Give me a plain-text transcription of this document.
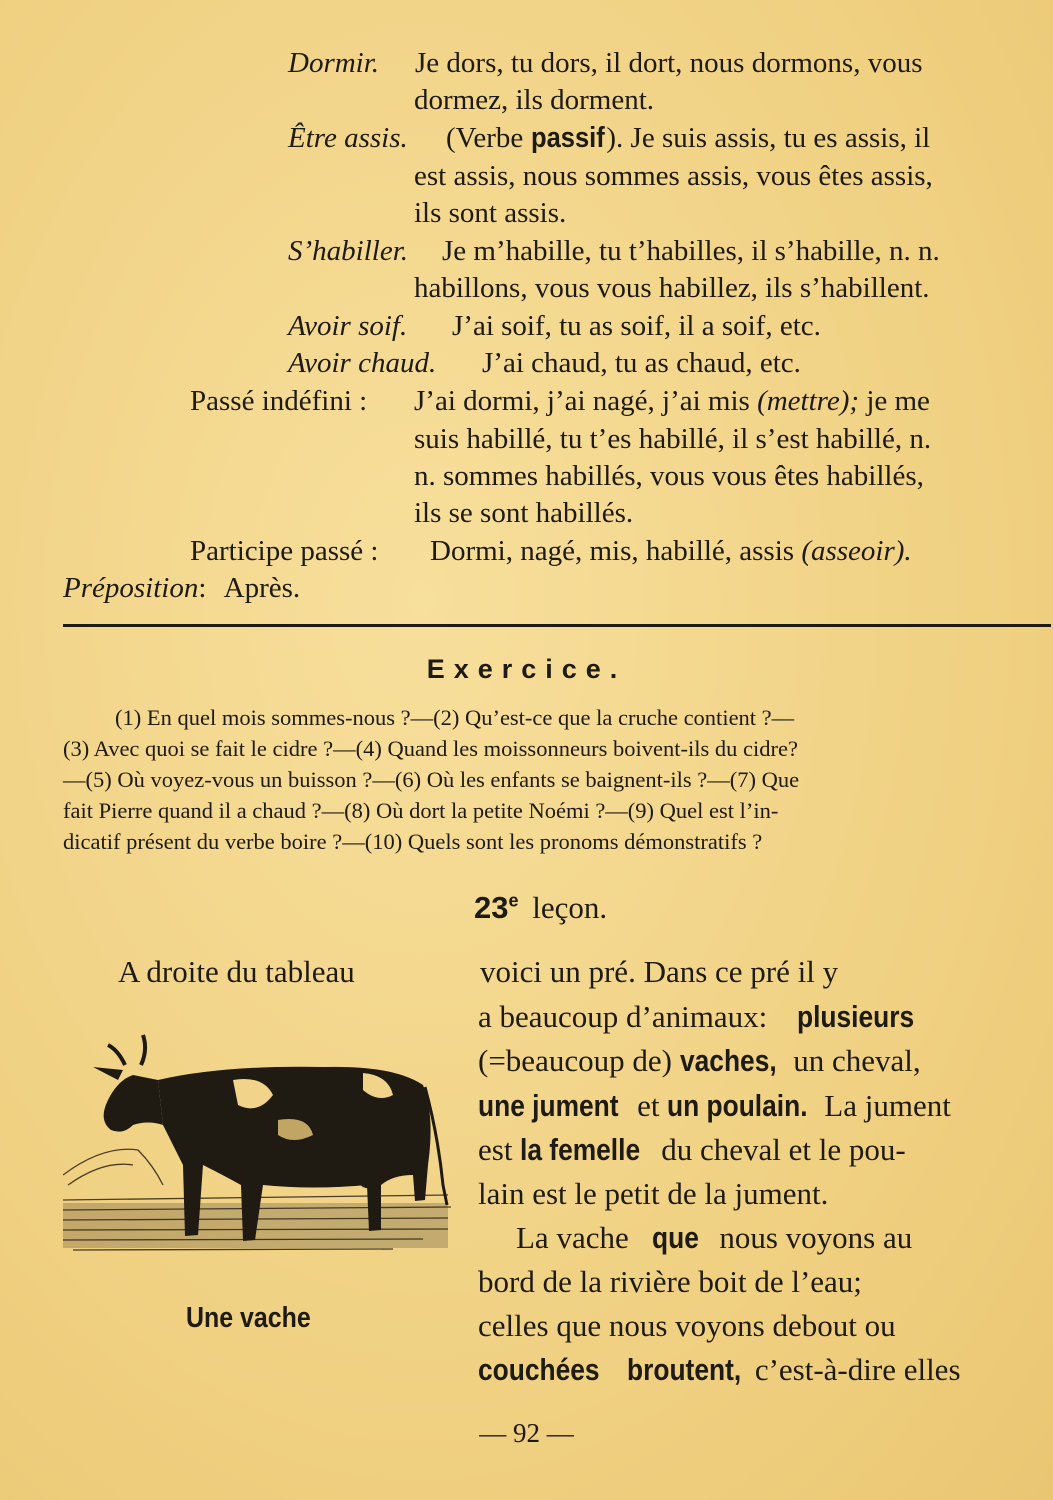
Dormir. Je dors, tu dors, il dort, nous dormons, vous
dormez, ils dorment.
Être assis. (Verbe passif). Je suis assis, tu es assis, il
est assis, nous sommes assis, vous êtes assis,
ils sont assis.
S’habiller. Je m’habille, tu t’habilles, il s’habille, n. n.
habillons, vous vous habillez, ils s’habillent.
Avoir soif. J’ai soif, tu as soif, il a soif, etc.
Avoir chaud. J’ai chaud, tu as chaud, etc.
Passé indéfini : J’ai dormi, j’ai nagé, j’ai mis (mettre); je me
suis habillé, tu t’es habillé, il s’est habillé, n.
n. sommes habillés, vous vous êtes habillés,
ils se sont habillés.
Participe passé : Dormi, nagé, mis, habillé, assis (asseoir).
Préposition: Après.
Exercice.
(1) En quel mois sommes-nous ?—(2) Qu’est-ce que la cruche contient ?—
(3) Avec quoi se fait le cidre ?—(4) Quand les moissonneurs boivent-ils du cidre?
—(5) Où voyez-vous un buisson ?—(6) Où les enfants se baignent-ils ?—(7) Que
fait Pierre quand il a chaud ?—(8) Où dort la petite Noémi ?—(9) Quel est l’in-
dicatif présent du verbe boire ?—(10) Quels sont les pronoms démonstratifs ?
23e leçon.
A droite du tableau	voici un pré. Dans ce pré il y
a beaucoup d’animaux: plusieurs
(=beaucoup de) vaches, un cheval,
une jument et un poulain. La jument
est la femelle du cheval et le pou-
lain est le petit de la jument.
La vache que nous voyons au
bord de la rivière boit de l’eau;
celles que nous voyons debout ou
couchées broutent, c’est-à-dire elles
Une vache
— 92 —
